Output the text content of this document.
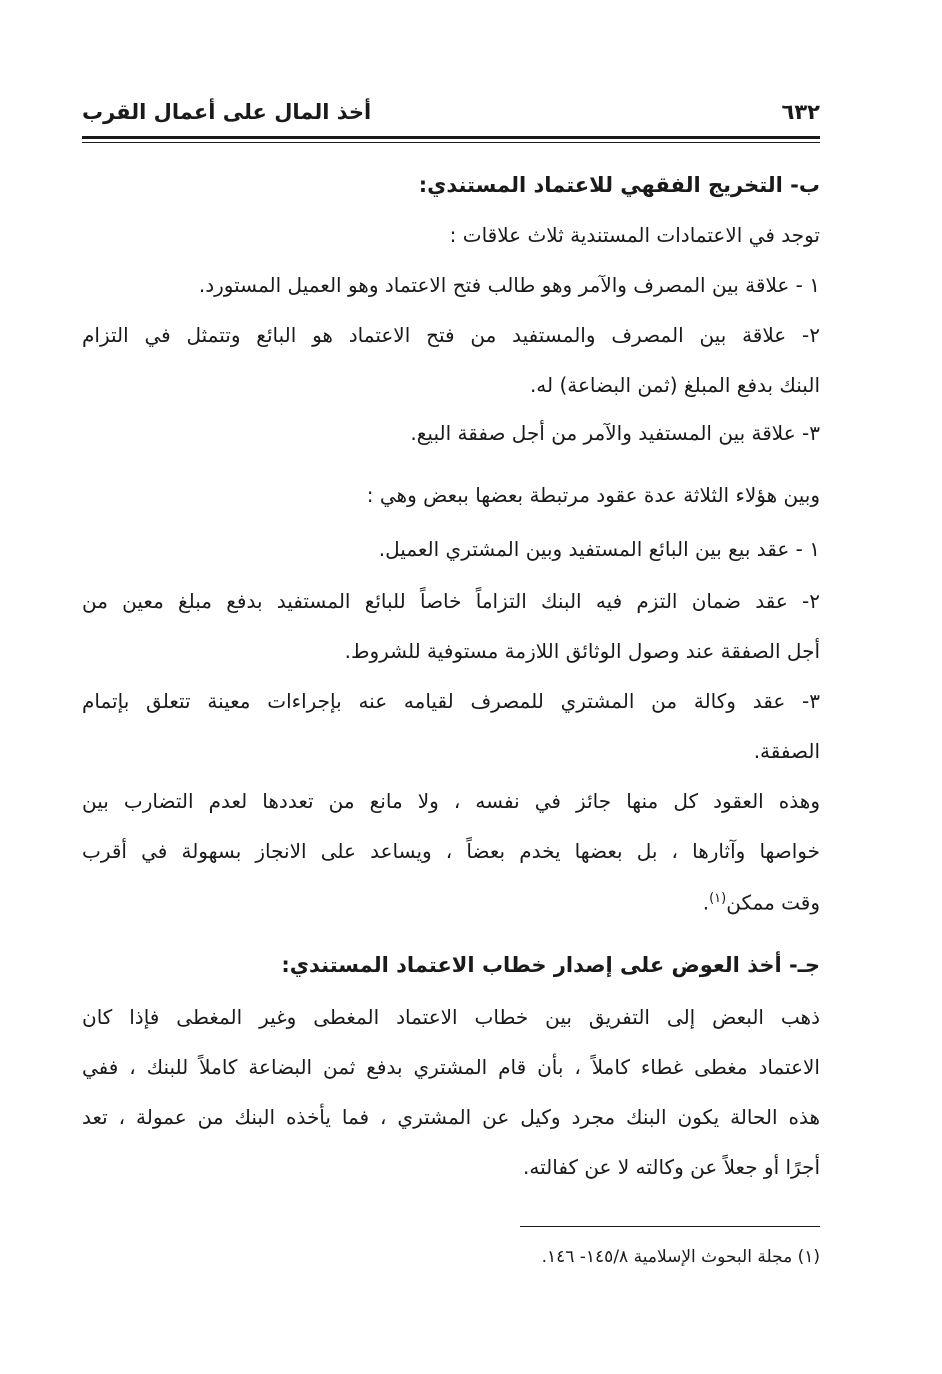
٦٣٢
أخذ المال على أعمال القرب
ب- التخريج الفقهي للاعتماد المستندي:
توجد في الاعتمادات المستندية ثلاث علاقات :
١ - علاقة بين المصرف والآمر وهو طالب فتح الاعتماد وهو العميل المستورد.
٢- علاقة بين المصرف والمستفيد من فتح الاعتماد هو البائع وتتمثل في التزام
البنك بدفع المبلغ (ثمن البضاعة) له.
٣- علاقة بين المستفيد والآمر من أجل صفقة البيع.
وبين هؤلاء الثلاثة عدة عقود مرتبطة بعضها ببعض وهي :
١ - عقد بيع بين البائع المستفيد وبين المشتري العميل.
٢- عقد ضمان التزم فيه البنك التزاماً خاصاً للبائع المستفيد بدفع مبلغ معين من
أجل الصفقة عند وصول الوثائق اللازمة مستوفية للشروط.
٣- عقد وكالة من المشتري للمصرف لقيامه عنه بإجراءات معينة تتعلق بإتمام
الصفقة.
وهذه العقود كل منها جائز في نفسه ، ولا مانع من تعددها لعدم التضارب بين
خواصها وآثارها ، بل بعضها يخدم بعضاً ، ويساعد على الانجاز بسهولة في أقرب
وقت ممكن$^{(١)}$.
جـ- أخذ العوض على إصدار خطاب الاعتماد المستندي:
ذهب البعض إلى التفريق بين خطاب الاعتماد المغطى وغير المغطى فإذا كان
الاعتماد مغطى غطاء كاملاً ، بأن قام المشتري بدفع ثمن البضاعة كاملاً للبنك ، ففي
هذه الحالة يكون البنك مجرد وكيل عن المشتري ، فما يأخذه البنك من عمولة ، تعد
أجرًا أو جعلاً عن وكالته لا عن كفالته.
(١) مجلة البحوث الإسلامية ١٤٥/٨- ١٤٦.
